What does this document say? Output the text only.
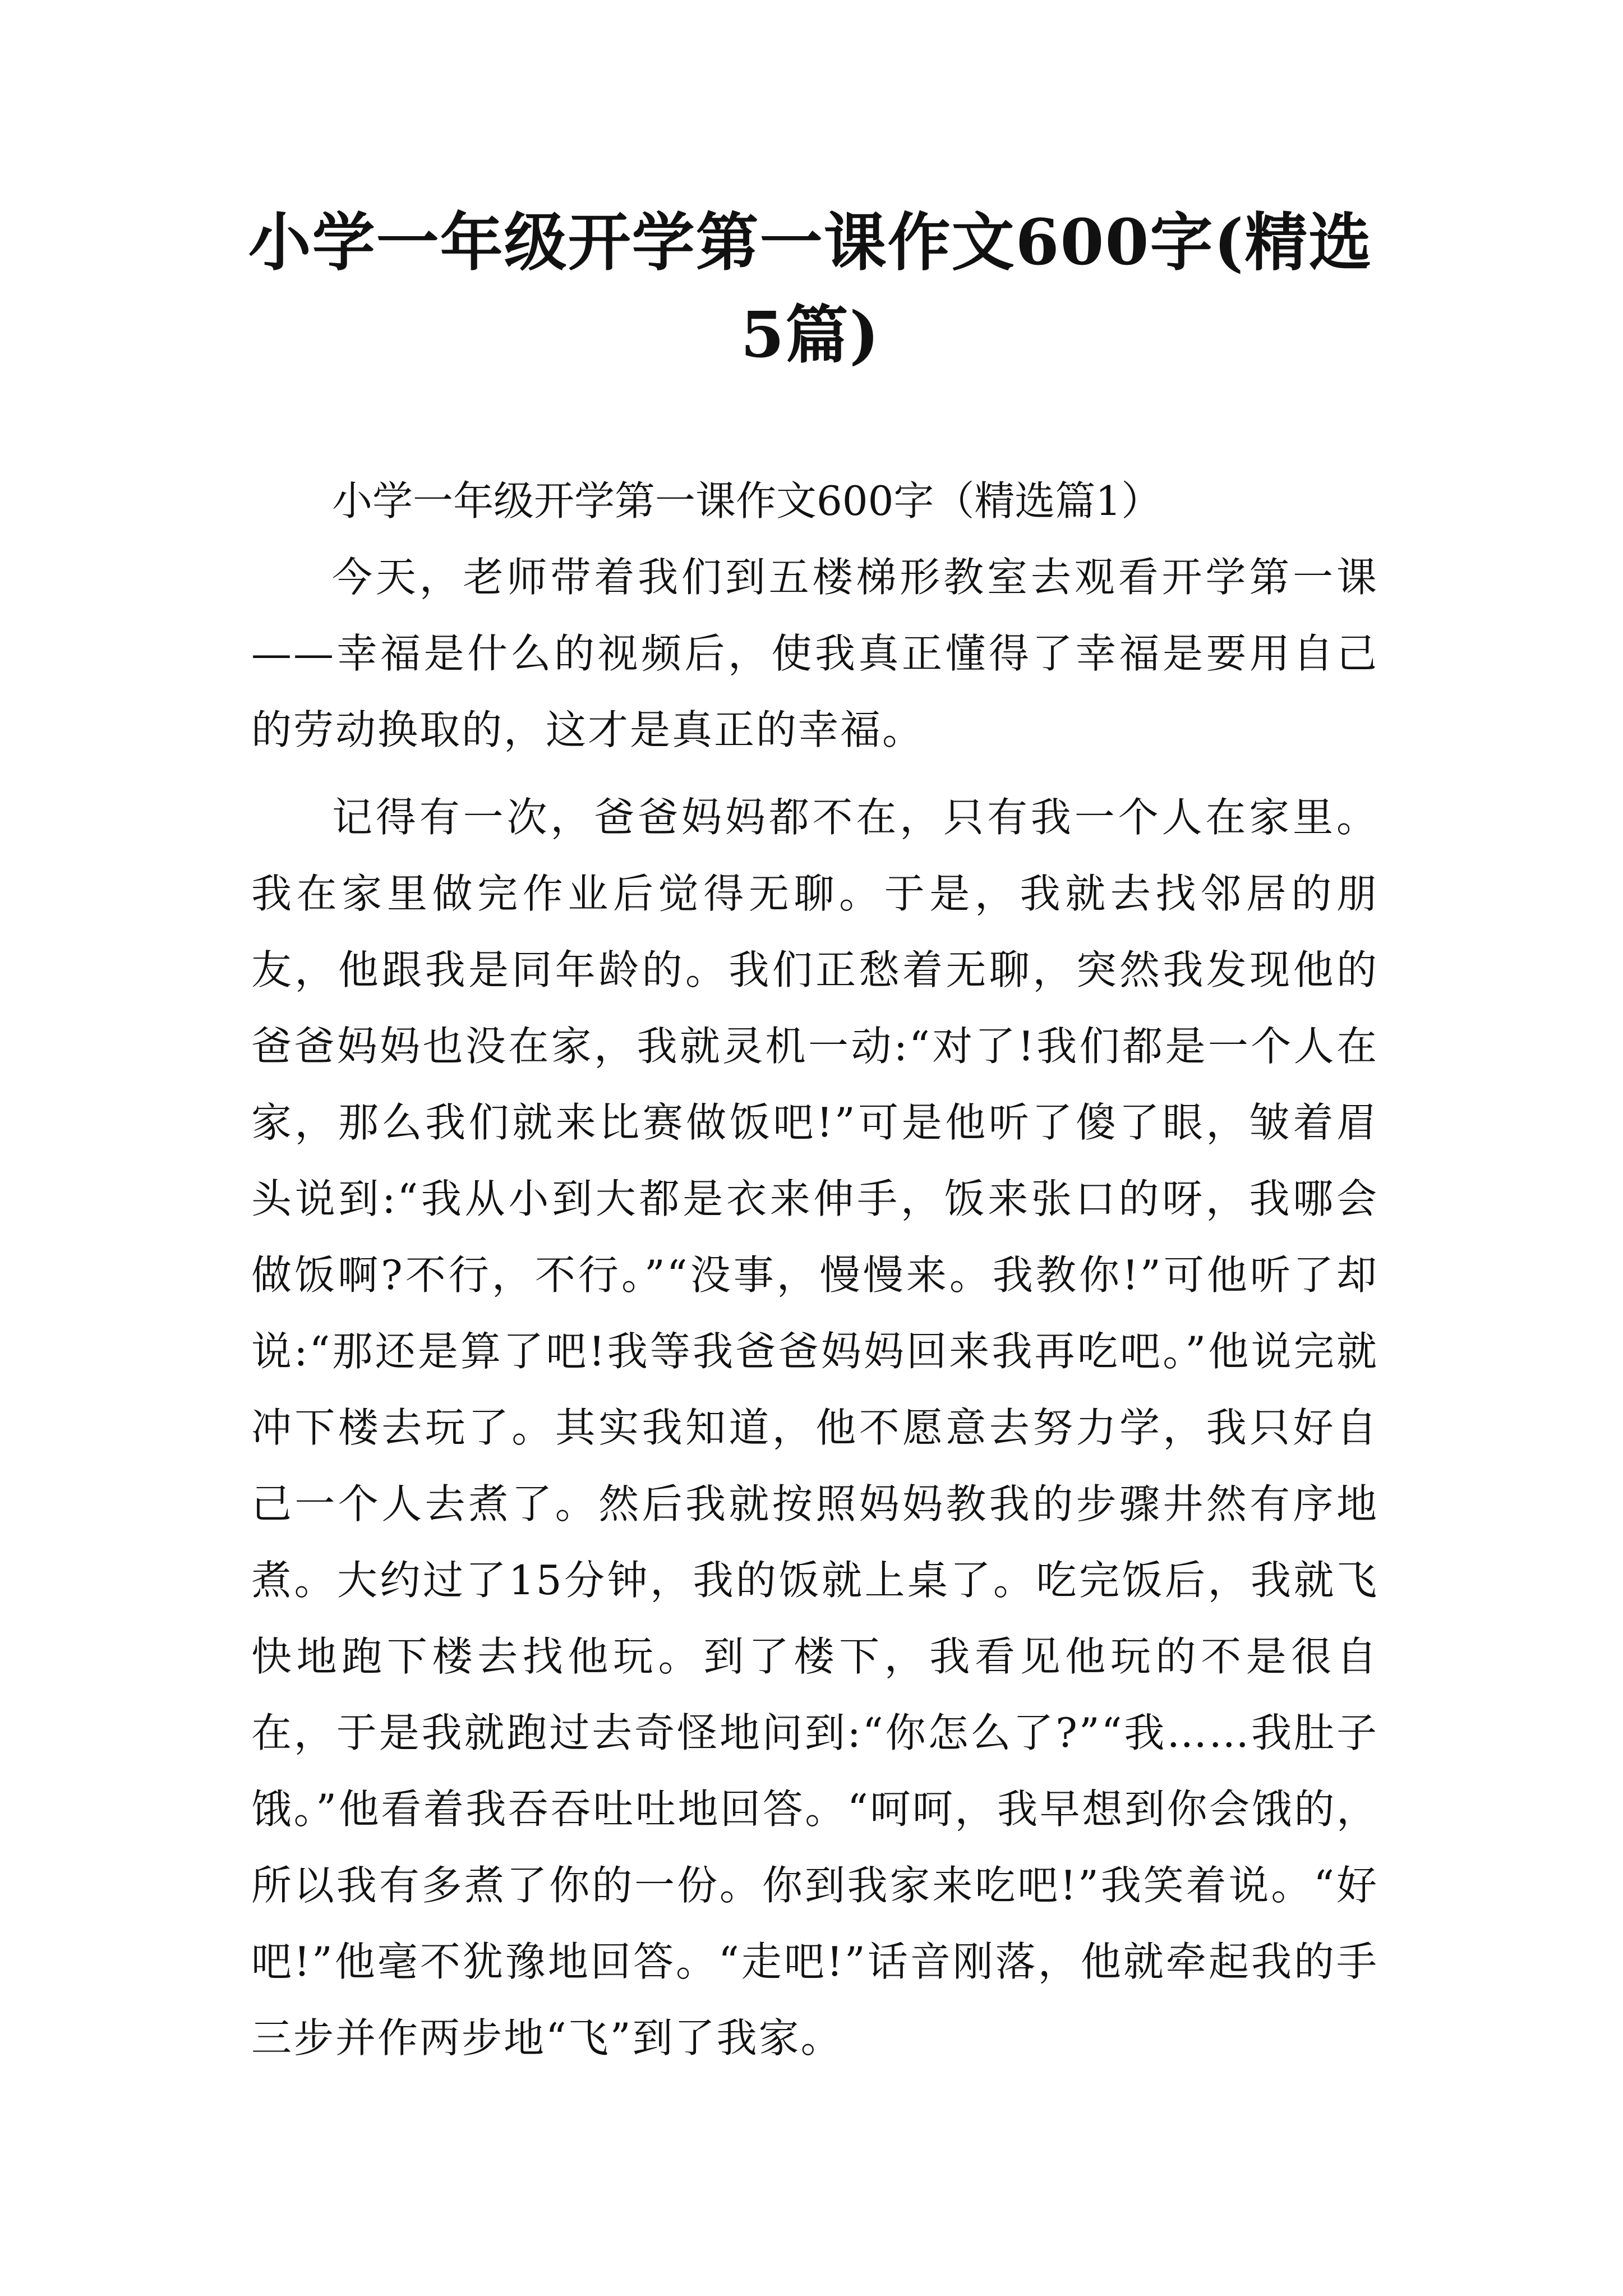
小学一年级开学第一课作文600字(精选5篇)

小学一年级开学第一课作文600字（精选篇1）

今天，老师带着我们到五楼梯形教室去观看开学第一课——幸福是什么的视频后，使我真正懂得了幸福是要用自己的劳动换取的，这才是真正的幸福。

记得有一次，爸爸妈妈都不在，只有我一个人在家里。我在家里做完作业后觉得无聊。于是，我就去找邻居的朋友，他跟我是同年龄的。我们正愁着无聊，突然我发现他的爸爸妈妈也没在家，我就灵机一动:“对了!我们都是一个人在家，那么我们就来比赛做饭吧!”可是他听了傻了眼，皱着眉头说到:“我从小到大都是衣来伸手，饭来张口的呀，我哪会做饭啊?不行，不行。”“没事，慢慢来。我教你!”可他听了却说:“那还是算了吧!我等我爸爸妈妈回来我再吃吧。”他说完就冲下楼去玩了。其实我知道，他不愿意去努力学，我只好自己一个人去煮了。然后我就按照妈妈教我的步骤井然有序地煮。大约过了15分钟，我的饭就上桌了。吃完饭后，我就飞快地跑下楼去找他玩。到了楼下，我看见他玩的不是很自在，于是我就跑过去奇怪地问到:“你怎么了?”“我……我肚子饿。”他看着我吞吞吐吐地回答。“呵呵，我早想到你会饿的，所以我有多煮了你的一份。你到我家来吃吧!”我笑着说。“好吧!”他毫不犹豫地回答。“走吧!”话音刚落，他就牵起我的手三步并作两步地“飞”到了我家。
